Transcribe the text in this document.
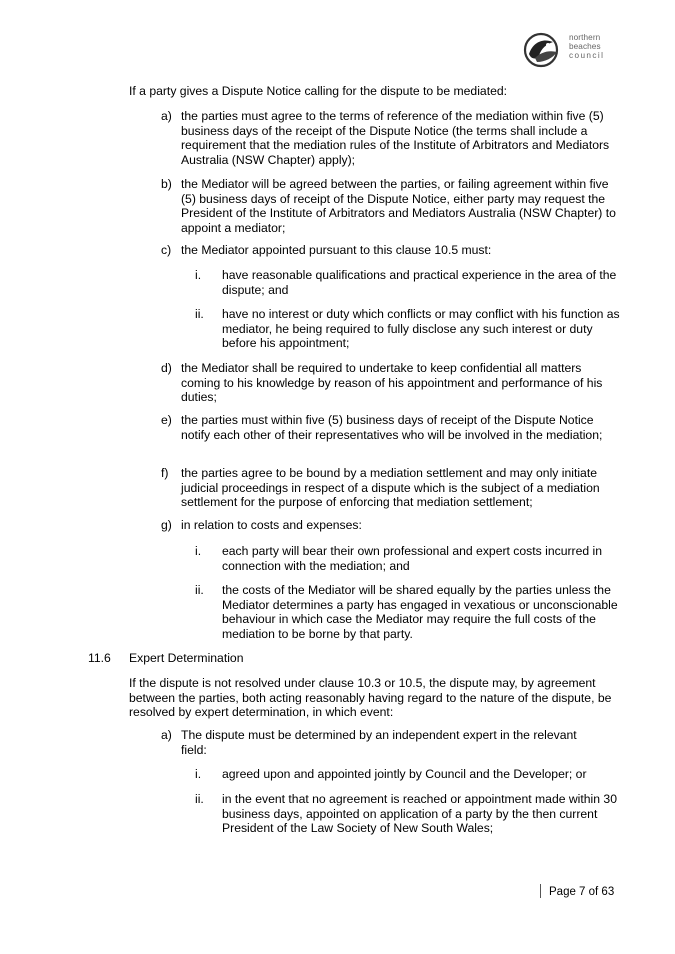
northern
beaches
council
If a party gives a Dispute Notice calling for the dispute to be mediated:
a) the parties must agree to the terms of reference of the mediation within five (5) business days of the receipt of the Dispute Notice (the terms shall include a requirement that the mediation rules of the Institute of Arbitrators and Mediators Australia (NSW Chapter) apply);
b) the Mediator will be agreed between the parties, or failing agreement within five (5) business days of receipt of the Dispute Notice, either party may request the President of the Institute of Arbitrators and Mediators Australia (NSW Chapter) to appoint a mediator;
c) the Mediator appointed pursuant to this clause 10.5 must:
i. have reasonable qualifications and practical experience in the area of the dispute; and
ii. have no interest or duty which conflicts or may conflict with his function as mediator, he being required to fully disclose any such interest or duty before his appointment;
d) the Mediator shall be required to undertake to keep confidential all matters coming to his knowledge by reason of his appointment and performance of his duties;
e) the parties must within five (5) business days of receipt of the Dispute Notice notify each other of their representatives who will be involved in the mediation;
f) the parties agree to be bound by a mediation settlement and may only initiate judicial proceedings in respect of a dispute which is the subject of a mediation settlement for the purpose of enforcing that mediation settlement;
g) in relation to costs and expenses:
i. each party will bear their own professional and expert costs incurred in connection with the mediation; and
ii. the costs of the Mediator will be shared equally by the parties unless the Mediator determines a party has engaged in vexatious or unconscionable behaviour in which case the Mediator may require the full costs of the mediation to be borne by that party.
11.6 Expert Determination
If the dispute is not resolved under clause 10.3 or 10.5, the dispute may, by agreement between the parties, both acting reasonably having regard to the nature of the dispute, be resolved by expert determination, in which event:
a) The dispute must be determined by an independent expert in the relevant field:
i. agreed upon and appointed jointly by Council and the Developer; or
ii. in the event that no agreement is reached or appointment made within 30 business days, appointed on application of a party by the then current President of the Law Society of New South Wales;
Page 7 of 63
